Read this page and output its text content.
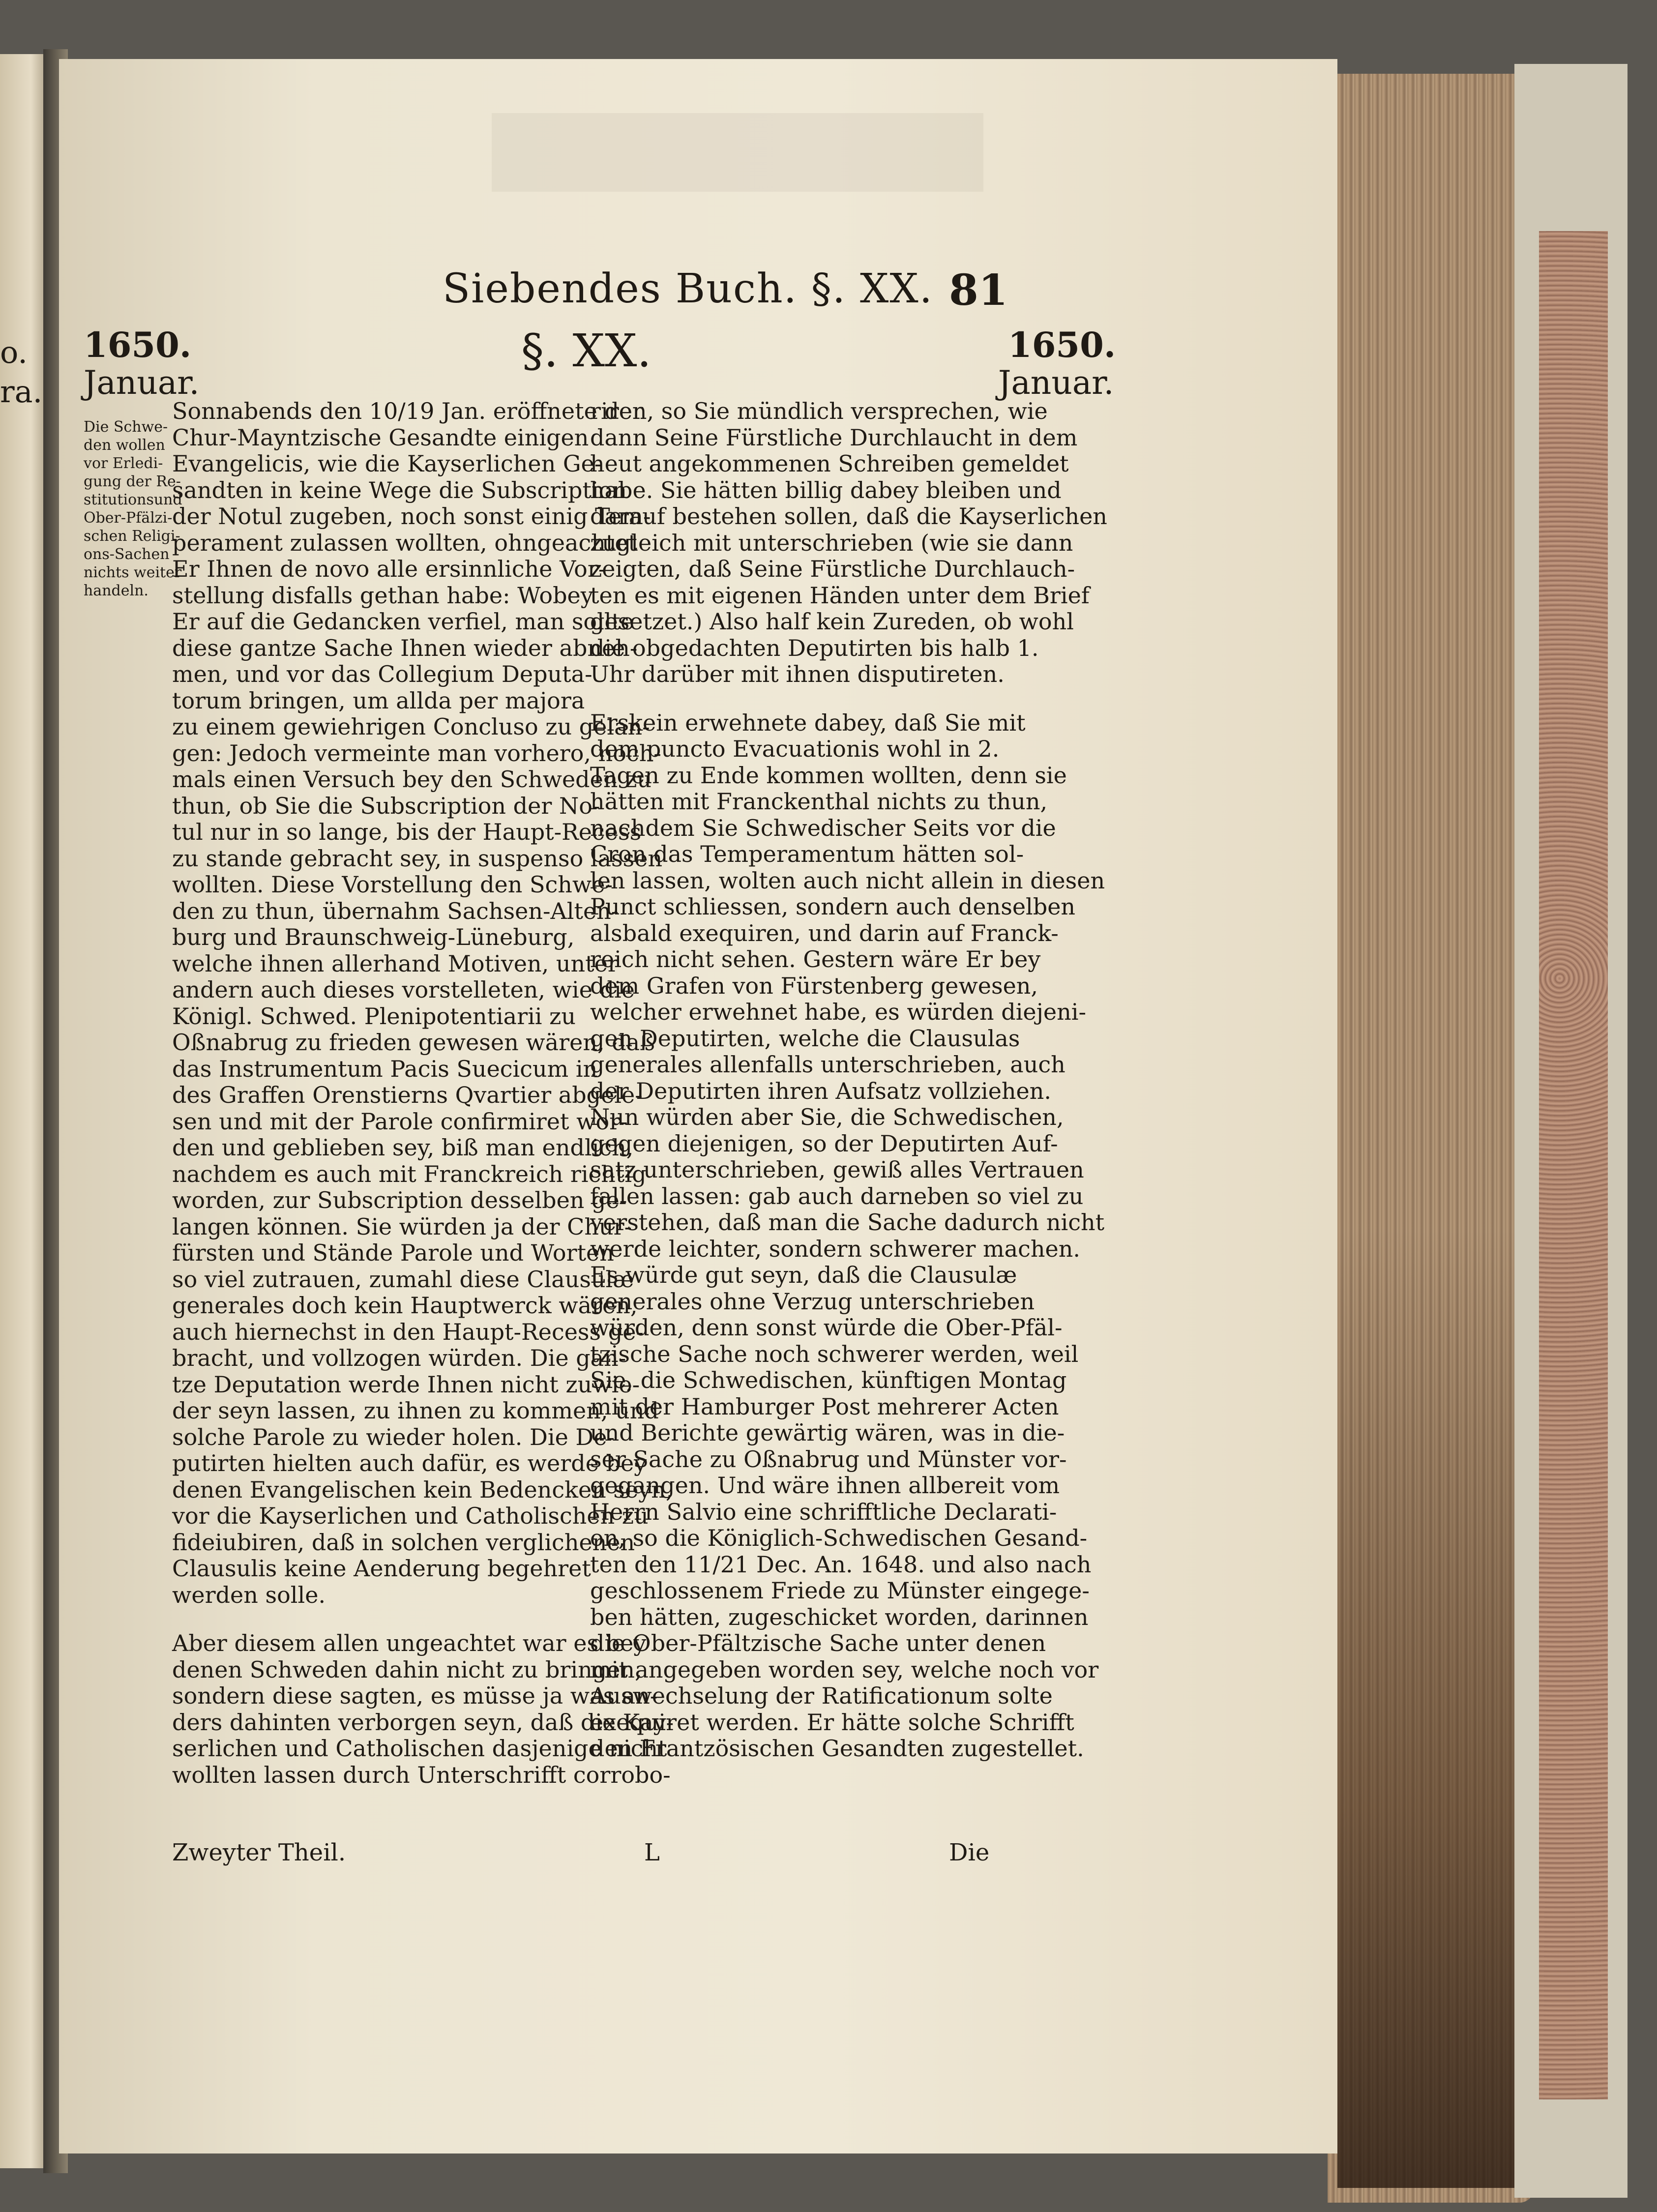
o.
ra.
Siebendes Buch. §. XX. 81
§. XX.
1650.
Januar.
1650.
Januar.
Die Schwe-
den wollen
vor Erledi-
gung der Re-
stitutionsund
Ober-Pfälzi-
schen Religi-
ons-Sachen
nichts weiter
handeln.
Sonnabends den 10/19 Jan. eröffnete der
Chur-Mayntzische Gesandte einigen
Evangelicis, wie die Kayserlichen Ge-
sandten in keine Wege die Subscription
der Notul zugeben, noch sonst einig Tem-
perament zulassen wollten, ohngeachtet
Er Ihnen de novo alle ersinnliche Vor-
stellung disfalls gethan habe: Wobey
Er auf die Gedancken verfiel, man sollte
diese gantze Sache Ihnen wieder abneh-
men, und vor das Collegium Deputa-
torum bringen, um allda per majora
zu einem gewiehrigen Concluso zu gelan-
gen: Jedoch vermeinte man vorhero, noch-
mals einen Versuch bey den Schweden zu
thun, ob Sie die Subscription der No-
tul nur in so lange, bis der Haupt-Recess
zu stande gebracht sey, in suspenso lassen
wollten. Diese Vorstellung den Schwe-
den zu thun, übernahm Sachsen-Alten-
burg und Braunschweig-Lüneburg,
welche ihnen allerhand Motiven, unter
andern auch dieses vorstelleten, wie die
Königl. Schwed. Plenipotentiarii zu
Oßnabrug zu frieden gewesen wären, daß
das Instrumentum Pacis Suecicum in
des Graffen Orenstierns Qvartier abgele-
sen und mit der Parole confirmiret wor-
den und geblieben sey, biß man endlich,
nachdem es auch mit Franckreich richtig
worden, zur Subscription desselben ge-
langen können. Sie würden ja der Chur-
fürsten und Stände Parole und Worten
so viel zutrauen, zumahl diese Clausulæ
generales doch kein Hauptwerck wären,
auch hiernechst in den Haupt-Recess ge-
bracht, und vollzogen würden. Die gan-
tze Deputation werde Ihnen nicht zuwie-
der seyn lassen, zu ihnen zu kommen, und
solche Parole zu wieder holen. Die De-
putirten hielten auch dafür, es werde bey
denen Evangelischen kein Bedencken seyn,
vor die Kayserlichen und Catholischen zu
fideiubiren, daß in solchen verglichenen
Clausulis keine Aenderung begehret
werden solle.
Aber diesem allen ungeachtet war es bey
denen Schweden dahin nicht zu bringen,
sondern diese sagten, es müsse ja was an-
ders dahinten verborgen seyn, daß die Kay-
serlichen und Catholischen dasjenige nicht
wollten lassen durch Unterschrifft corrobo-
riren, so Sie mündlich versprechen, wie
dann Seine Fürstliche Durchlaucht in dem
heut angekommenen Schreiben gemeldet
habe. Sie hätten billig dabey bleiben und
darauf bestehen sollen, daß die Kayserlichen
zugleich mit unterschrieben (wie sie dann
zeigten, daß Seine Fürstliche Durchlauch-
ten es mit eigenen Händen unter dem Brief
gesetzet.) Also half kein Zureden, ob wohl
die obgedachten Deputirten bis halb 1.
Uhr darüber mit ihnen disputireten.
Erskein erwehnete dabey, daß Sie mit
dem puncto Evacuationis wohl in 2.
Tagen zu Ende kommen wollten, denn sie
hätten mit Franckenthal nichts zu thun,
nachdem Sie Schwedischer Seits vor die
Cron das Temperamentum hätten sol-
len lassen, wolten auch nicht allein in diesen
Punct schliessen, sondern auch denselben
alsbald exequiren, und darin auf Franck-
reich nicht sehen. Gestern wäre Er bey
dem Grafen von Fürstenberg gewesen,
welcher erwehnet habe, es würden diejeni-
gen Deputirten, welche die Clausulas
generales allenfalls unterschrieben, auch
der Deputirten ihren Aufsatz vollziehen.
Nun würden aber Sie, die Schwedischen,
gegen diejenigen, so der Deputirten Auf-
satz unterschrieben, gewiß alles Vertrauen
fallen lassen: gab auch darneben so viel zu
verstehen, daß man die Sache dadurch nicht
werde leichter, sondern schwerer machen.
Es würde gut seyn, daß die Clausulæ
generales ohne Verzug unterschrieben
würden, denn sonst würde die Ober-Pfäl-
tzische Sache noch schwerer werden, weil
Sie, die Schwedischen, künftigen Montag
mit der Hamburger Post mehrerer Acten
und Berichte gewärtig wären, was in die-
ser Sache zu Oßnabrug und Münster vor-
gegangen. Und wäre ihnen allbereit vom
Herrn Salvio eine schrifftliche Declarati-
on, so die Königlich-Schwedischen Gesand-
ten den 11/21 Dec. An. 1648. und also nach
geschlossenem Friede zu Münster eingege-
ben hätten, zugeschicket worden, darinnen
die Ober-Pfältzische Sache unter denen
mit angegeben worden sey, welche noch vor
Auswechselung der Ratificationum solte
exequiret werden. Er hätte solche Schrifft
den Frantzösischen Gesandten zugestellet.
Zweyter Theil.	L	Die
